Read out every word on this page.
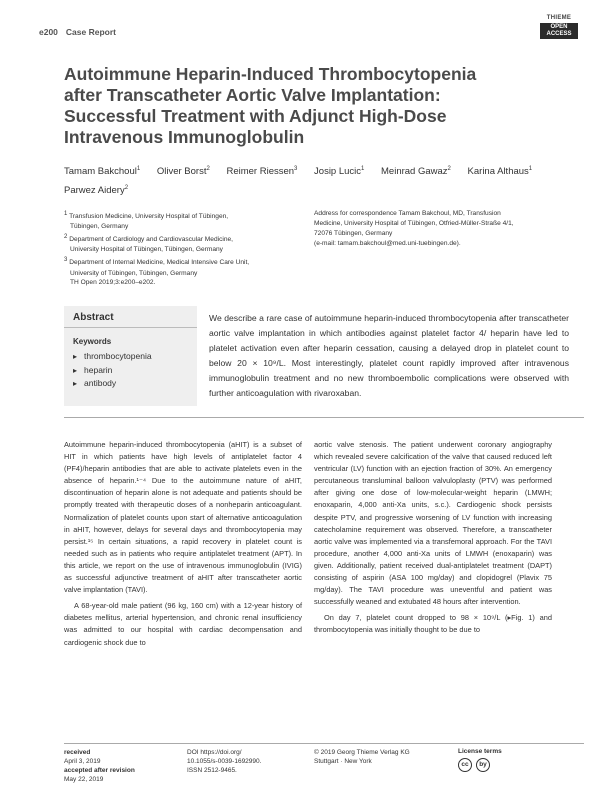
e200 Case Report
THIEME
OPEN
ACCESS
Autoimmune Heparin-Induced Thrombocytopenia
after Transcatheter Aortic Valve Implantation:
Successful Treatment with Adjunct High-Dose
Intravenous Immunoglobulin
Tamam Bakchoul$^1$ Oliver Borst$^2$ Reimer Riessen$^3$ Josip Lucic$^1$ Meinrad Gawaz$^2$ Karina Althaus$^1$
Parwez Aidery$^2$

$^1$ Transfusion Medicine, University Hospital of Tübingen,

Tübingen, Germany

$^2$ Department of Cardiology and Cardiovascular Medicine,

University Hospital of Tübingen, Tübingen, Germany

$^3$ Department of Internal Medicine, Medical Intensive Care Unit,

University of Tübingen, Tübingen, Germany

Address for correspondence Tamam Bakchoul, MD, Transfusion

Medicine, University Hospital of Tübingen, Otfried-Müller-Straße 4/1,

72076 Tübingen, Germany

(e-mail: tamam.bakchoul@med.uni-tuebingen.de).

TH Open 2019;3:e200–e202.
Abstract
Keywords
▸ thrombocytopenia
▸ heparin
▸ antibody
We describe a rare case of autoimmune heparin-induced thrombocytopenia after transcatheter aortic valve implantation in which antibodies against platelet factor 4/ heparin have led to platelet activation even after heparin cessation, causing a delayed drop in platelet count to below 20 × 10⁹/L. Most interestingly, platelet count rapidly improved after intravenous immunoglobulin treatment and no new thromboembolic complications were observed with further anticoagulation with rivaroxaban.

Autoimmune heparin-induced thrombocytopenia (aHIT) is a subset of HIT in which patients have high levels of antiplatelet factor 4 (PF4)/heparin antibodies that are able to activate platelets even in the absence of heparin.¹⁻⁴ Due to the autoimmune nature of aHIT, discontinuation of heparin alone is not adequate and patients should be promptly treated with therapeutic doses of a nonheparin anticoagulant. Normalization of platelet counts upon start of alternative anticoagulation in aHIT, however, delays for several days and thrombocytopenia may persist.¹⁵ In certain situations, a rapid recovery in platelet count is needed such as in patients who require antiplatelet treatment (APT). In this article, we report on the use of intravenous immunoglobulin (IVIG) as successful adjunctive treatment of aHIT after transcatheter aortic valve implantation (TAVI).

A 68-year-old male patient (96 kg, 160 cm) with a 12-year history of diabetes mellitus, arterial hypertension, and chronic renal insufficiency was admitted to our hospital with cardiac decompensation and cardiogenic shock due to

aortic valve stenosis. The patient underwent coronary angiography which revealed severe calcification of the valve that caused reduced left ventricular (LV) function with an ejection fraction of 30%. An emergency percutaneous transluminal balloon valvuloplasty (PTV) was performed after giving one dose of low-molecular-weight heparin (LMWH; enoxaparin, 4,000 anti-Xa units, s.c.). Cardiogenic shock persists despite PTV, and progressive worsening of LV function with increasing catecholamine requirement was observed. Therefore, a transcatheter aortic valve was implemented via a transfemoral approach. For the TAVI procedure, another 4,000 anti-Xa units of LMWH (enoxaparin) was given. Additionally, patient received dual-antiplatelet treatment (DAPT) consisting of aspirin (ASA 100 mg/day) and clopidogrel (Plavix 75 mg/day). The TAVI procedure was uneventful and patient was successfully weaned and extubated 48 hours after intervention.

On day 7, platelet count dropped to 98 × 10⁹/L (▸Fig. 1) and thrombocytopenia was initially thought to be due to

received
April 3, 2019
accepted after revision
May 22, 2019
DOI https://doi.org/
10.1055/s-0039-1692990.
ISSN 2512-9465.
© 2019 Georg Thieme Verlag KG
Stuttgart · New York
License terms
cc	by
